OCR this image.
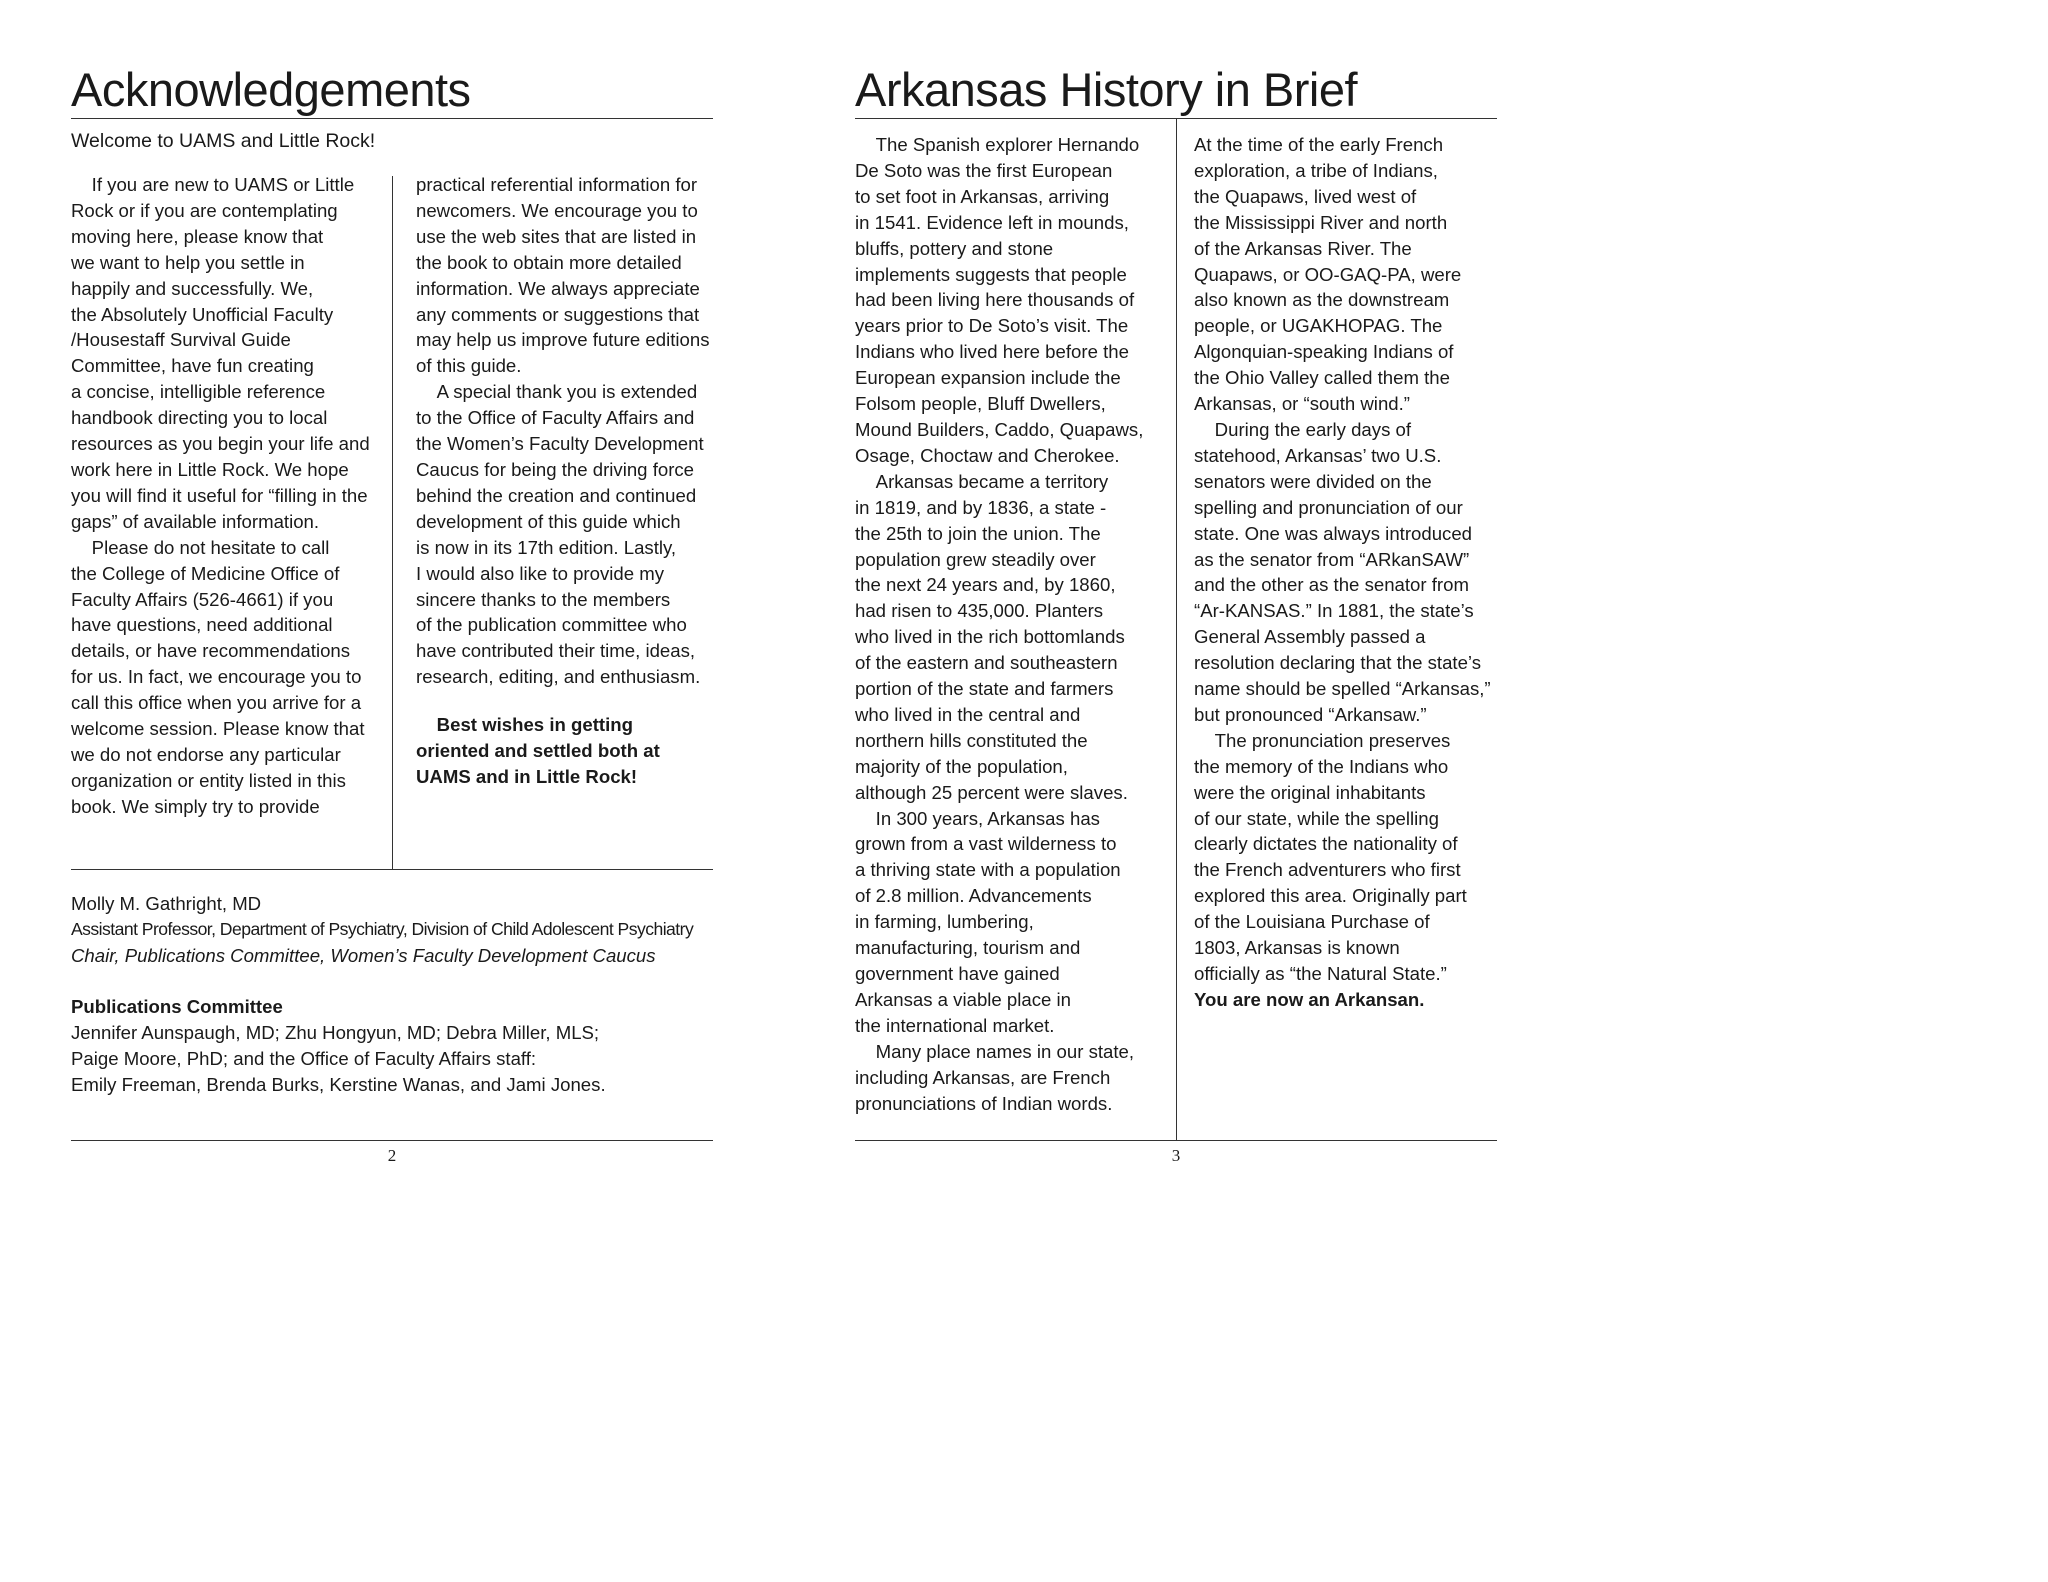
Acknowledgements
Welcome to UAMS and Little Rock!
If you are new to UAMS or Little
Rock or if you are contemplating
moving here, please know that
we want to help you settle in
happily and successfully. We,
the Absolutely Unofficial Faculty
/Housestaff Survival Guide
Committee, have fun creating
a concise, intelligible reference
handbook directing you to local
resources as you begin your life and
work here in Little Rock. We hope
you will find it useful for “filling in the
gaps” of available information.
Please do not hesitate to call
the College of Medicine Office of
Faculty Affairs (526-4661) if you
have questions, need additional
details, or have recommendations
for us. In fact, we encourage you to
call this office when you arrive for a
welcome session. Please know that
we do not endorse any particular
organization or entity listed in this
book. We simply try to provide
practical referential information for
newcomers. We encourage you to
use the web sites that are listed in
the book to obtain more detailed
information. We always appreciate
any comments or suggestions that
may help us improve future editions
of this guide.
A special thank you is extended
to the Office of Faculty Affairs and
the Women’s Faculty Development
Caucus for being the driving force
behind the creation and continued
development of this guide which
is now in its 17th edition. Lastly,
I would also like to provide my
sincere thanks to the members
of the publication committee who
have contributed their time, ideas,
research, editing, and enthusiasm.
Best wishes in getting
oriented and settled both at
UAMS and in Little Rock!
Molly M. Gathright, MD
Assistant Professor, Department of Psychiatry, Division of Child Adolescent Psychiatry
Chair, Publications Committee, Women’s Faculty Development Caucus
Publications Committee
Jennifer Aunspaugh, MD; Zhu Hongyun, MD; Debra Miller, MLS;
Paige Moore, PhD; and the Office of Faculty Affairs staff:
Emily Freeman, Brenda Burks, Kerstine Wanas, and Jami Jones.
2
Arkansas History in Brief
The Spanish explorer Hernando
De Soto was the first European
to set foot in Arkansas, arriving
in 1541. Evidence left in mounds,
bluffs, pottery and stone
implements suggests that people
had been living here thousands of
years prior to De Soto’s visit. The
Indians who lived here before the
European expansion include the
Folsom people, Bluff Dwellers,
Mound Builders, Caddo, Quapaws,
Osage, Choctaw and Cherokee.
Arkansas became a territory
in 1819, and by 1836, a state -
the 25th to join the union. The
population grew steadily over
the next 24 years and, by 1860,
had risen to 435,000. Planters
who lived in the rich bottomlands
of the eastern and southeastern
portion of the state and farmers
who lived in the central and
northern hills constituted the
majority of the population,
although 25 percent were slaves.
In 300 years, Arkansas has
grown from a vast wilderness to
a thriving state with a population
of 2.8 million. Advancements
in farming, lumbering,
manufacturing, tourism and
government have gained
Arkansas a viable place in
the international market.
Many place names in our state,
including Arkansas, are French
pronunciations of Indian words.
At the time of the early French
exploration, a tribe of Indians,
the Quapaws, lived west of
the Mississippi River and north
of the Arkansas River. The
Quapaws, or OO-GAQ-PA, were
also known as the downstream
people, or UGAKHOPAG. The
Algonquian-speaking Indians of
the Ohio Valley called them the
Arkansas, or “south wind.”
During the early days of
statehood, Arkansas’ two U.S.
senators were divided on the
spelling and pronunciation of our
state. One was always introduced
as the senator from “ARkanSAW”
and the other as the senator from
“Ar-KANSAS.” In 1881, the state’s
General Assembly passed a
resolution declaring that the state’s
name should be spelled “Arkansas,”
but pronounced “Arkansaw.”
The pronunciation preserves
the memory of the Indians who
were the original inhabitants
of our state, while the spelling
clearly dictates the nationality of
the French adventurers who first
explored this area. Originally part
of the Louisiana Purchase of
1803, Arkansas is known
officially as “the Natural State.”
You are now an Arkansan.
3
